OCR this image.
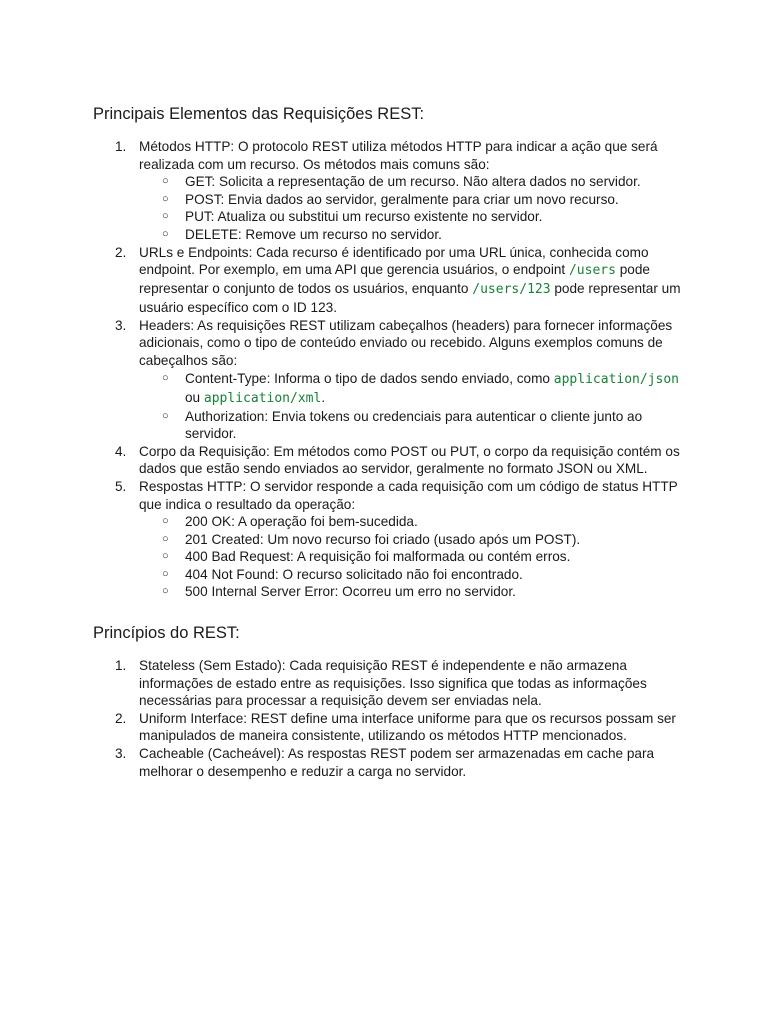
Principais Elementos das Requisições REST:
1. Métodos HTTP: O protocolo REST utiliza métodos HTTP para indicar a ação que será realizada com um recurso. Os métodos mais comuns são:
○ GET: Solicita a representação de um recurso. Não altera dados no servidor.
○ POST: Envia dados ao servidor, geralmente para criar um novo recurso.
○ PUT: Atualiza ou substitui um recurso existente no servidor.
○ DELETE: Remove um recurso no servidor.
2. URLs e Endpoints: Cada recurso é identificado por uma URL única, conhecida como endpoint. Por exemplo, em uma API que gerencia usuários, o endpoint /users pode representar o conjunto de todos os usuários, enquanto /users/123 pode representar um usuário específico com o ID 123.
3. Headers: As requisições REST utilizam cabeçalhos (headers) para fornecer informações adicionais, como o tipo de conteúdo enviado ou recebido. Alguns exemplos comuns de cabeçalhos são:
○ Content-Type: Informa o tipo de dados sendo enviado, como application/json ou application/xml.
○ Authorization: Envia tokens ou credenciais para autenticar o cliente junto ao servidor.
4. Corpo da Requisição: Em métodos como POST ou PUT, o corpo da requisição contém os dados que estão sendo enviados ao servidor, geralmente no formato JSON ou XML.
5. Respostas HTTP: O servidor responde a cada requisição com um código de status HTTP que indica o resultado da operação:
○ 200 OK: A operação foi bem-sucedida.
○ 201 Created: Um novo recurso foi criado (usado após um POST).
○ 400 Bad Request: A requisição foi malformada ou contém erros.
○ 404 Not Found: O recurso solicitado não foi encontrado.
○ 500 Internal Server Error: Ocorreu um erro no servidor.
Princípios do REST:
1. Stateless (Sem Estado): Cada requisição REST é independente e não armazena informações de estado entre as requisições. Isso significa que todas as informações necessárias para processar a requisição devem ser enviadas nela.
2. Uniform Interface: REST define uma interface uniforme para que os recursos possam ser manipulados de maneira consistente, utilizando os métodos HTTP mencionados.
3. Cacheable (Cacheável): As respostas REST podem ser armazenadas em cache para melhorar o desempenho e reduzir a carga no servidor.
